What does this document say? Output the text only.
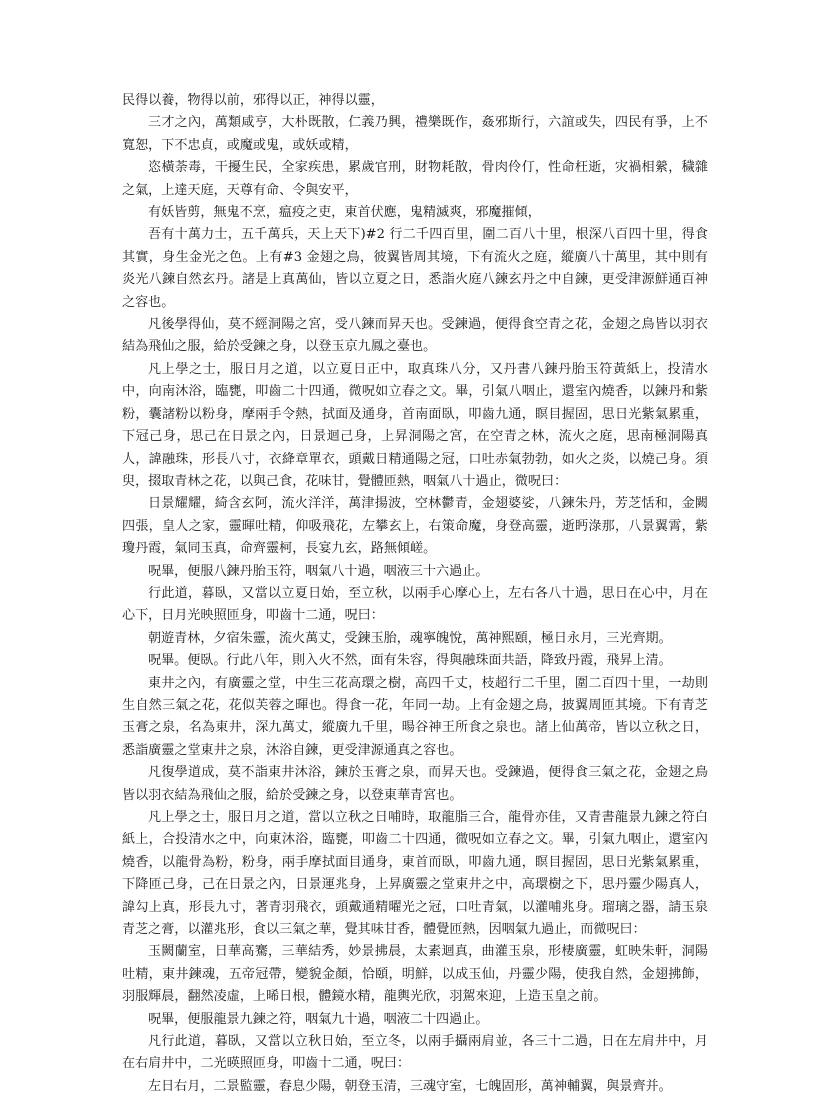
民得以養，物得以前，邪得以正，神得以靈，

三才之內，萬類咸亨，大朴既散，仁義乃興，禮樂既作，姦邪斯行，六誼或失，四民有爭，上不寬恕，下不忠貞，或魔或鬼，或妖或精，

恣橫荼毒，干擾生民，全家疾患，累歲官刑，財物耗散，骨肉伶仃，性命枉逝，灾禍相縈，穢雜之氣，上達天庭，天尊有命、令與安平，

有妖皆剪，無鬼不烹，瘟疫之吏，東首伏應，鬼精滅爽，邪魔摧傾，

吾有十萬力士，五千萬兵，天上天下)#2 行二千四百里，圍二百八十里，根深八百四十里，得食其實，身生金光之色。上有#3 金翅之鳥，彼翼皆周其境，下有流火之庭，縱廣八十萬里，其中則有炎光八鍊自然玄丹。諸是上真萬仙，皆以立夏之日，悉詣火庭八鍊玄丹之中自鍊，更受津源鮮通百神之容也。

凡後學得仙，莫不經洞陽之宮，受八鍊而昇天也。受鍊過，便得食空青之花，金翅之鳥皆以羽衣結為飛仙之服，給於受鍊之身，以登玉京九鳳之臺也。

凡上學之士，服日月之道，以立夏日正中，取真珠八分，又丹書八鍊丹胎玉符黃紙上，投清水中，向南沐浴，臨甕，叩齒二十四通，微呪如立春之文。畢，引氣八咽止，還室內燒香，以鍊丹和紫粉，囊諸粉以粉身，摩兩手令熱，拭面及通身，首南面臥，叩齒九通，瞑目握固，思日光紫氣累重，下冠己身，思己在日景之內，日景迴己身，上昇洞陽之宮，在空青之林，流火之庭，思南極洞陽真人，諱融珠，形長八寸，衣絳章單衣，頭戴日精通陽之冠，口吐赤氣勃勃，如火之炎，以燒己身。須臾，掇取青林之花，以與己食，花味甘，覺體匝熱，咽氣八十過止，微呪曰：

日景耀耀，綺含玄阿，流火洋洋，萬津揚波，空林鬱青，金翅婆娑，八鍊朱丹，芳芝恬和，金闕四張，皇人之家，靈暉吐精，仰吸飛花，左攀玄上，右策命魔，身登高靈，逝眄淥那，八景翼霄，紫瓊丹霞，氣同玉真，命齊靈柯，長宴九玄，路無傾嵯。

呪畢，便服八鍊丹胎玉符，咽氣八十過，咽液三十六過止。

行此道，暮臥，又當以立夏日始，至立秋，以兩手心摩心上，左右各八十過，思日在心中，月在心下，日月光映照匝身，叩齒十二通，呪曰：

朝遊青林，夕宿朱靈，流火萬丈，受鍊玉胎，魂寧魄悅，萬神熙頤，極日永月，三光齊期。

呪畢。便臥。行此八年，則入火不然，面有朱容，得與融珠面共語，降致丹霞，飛昇上清。

東井之內，有廣靈之堂，中生三花高環之樹，高四千丈，枝超行二千里，圍二百四十里，一劫則生自然三氣之花，花似芙蓉之暉也。得食一花，年同一劫。上有金翅之鳥，披翼周匝其境。下有青芝玉膏之泉，名為東井，深九萬丈，縱廣九千里，暘谷神王所食之泉也。諸上仙萬帝，皆以立秋之日，悉詣廣靈之堂東井之泉，沐浴自鍊，更受津源通真之容也。

凡復學道成，莫不詣東井沐浴，鍊於玉膏之泉，而昇天也。受鍊過，便得食三氣之花，金翅之鳥皆以羽衣結為飛仙之服，給於受鍊之身，以登東華青宮也。

凡上學之士，服日月之道，當以立秋之日哺時，取龍脂三合，龍骨亦佳，又青書龍景九鍊之符白紙上，合投清水之中，向東沐浴，臨甕，叩齒二十四通，微呪如立春之文。畢，引氣九咽止，還室內燒香，以龍骨為粉，粉身，兩手摩拭面目通身，東首而臥，叩齒九通，瞑目握固，思日光紫氣累重，下降匝己身，己在日景之內，日景運兆身，上昇廣靈之堂東井之中，高環樹之下，思丹靈少陽真人，諱勾上真，形長九寸，著青羽飛衣，頭戴通精曜光之冠，口吐青氣，以灌哺兆身。瑠璃之器，請玉泉青芝之膏，以灌兆形，食以三氣之華，覺其味甘香，體覺匝熱，因咽氣九過止，而微呪曰：

玉闕蘭室，日華高騫，三華結秀，妙景拂晨，太素迴真，曲灌玉泉，形棲廣靈，虹映朱軒，洞陽吐精，東井鍊魂，五帝冠帶，變貌金顏，恰頤，明鮮，以成玉仙，丹靈少陽，使我自然，金翅拂飾，羽服輝晨，翻然凌虛，上晞日根，體鏡水精，龍輿光欣，羽駕來迎，上造玉皇之前。

呪畢，便服龍景九鍊之符，咽氣九十過，咽液二十四過止。

凡行此道，暮臥，又當以立秋日始，至立冬，以兩手攝兩肩並，各三十二過，日在左肩井中，月在右肩井中，二光暎照匝身，叩齒十二通，呪曰：

左日右月，二景監靈，舂息少陽，朝登玉清，三魂守室，七魄固形，萬神輔翼，與景齊并。
